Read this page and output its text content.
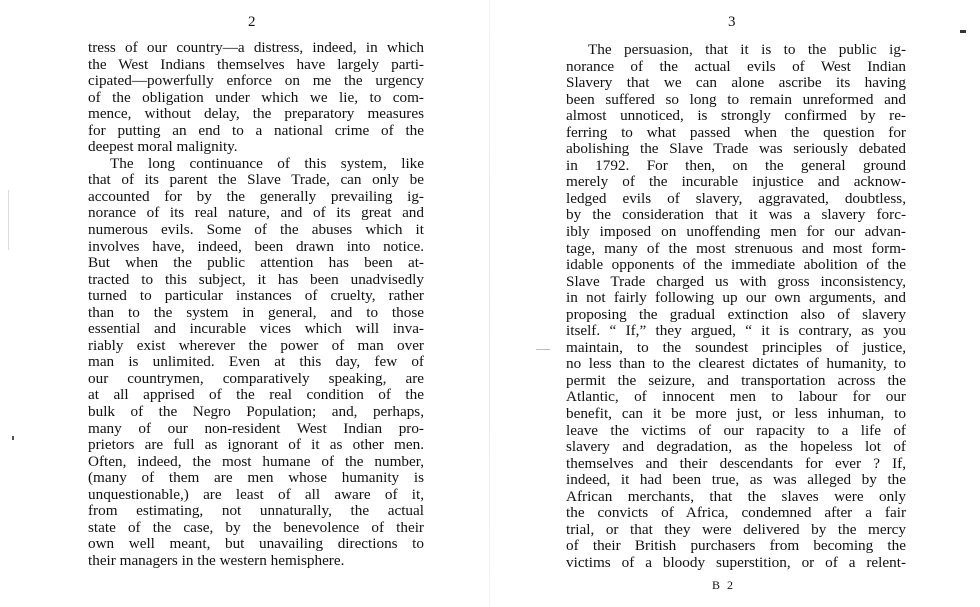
2
tress of our country—a distress, indeed, in which
the West Indians themselves have largely parti-
cipated—powerfully enforce on me the urgency
of the obligation under which we lie, to com-
mence, without delay, the preparatory measures
for putting an end to a national crime of the
deepest moral malignity.
The long continuance of this system, like
that of its parent the Slave Trade, can only be
accounted for by the generally prevailing ig-
norance of its real nature, and of its great and
numerous evils. Some of the abuses which it
involves have, indeed, been drawn into notice.
But when the public attention has been at-
tracted to this subject, it has been unadvisedly
turned to particular instances of cruelty, rather
than to the system in general, and to those
essential and incurable vices which will inva-
riably exist wherever the power of man over
man is unlimited. Even at this day, few of
our countrymen, comparatively speaking, are
at all apprised of the real condition of the
bulk of the Negro Population; and, perhaps,
many of our non-resident West Indian pro-
prietors are full as ignorant of it as other men.
Often, indeed, the most humane of the number,
(many of them are men whose humanity is
unquestionable,) are least of all aware of it,
from estimating, not unnaturally, the actual
state of the case, by the benevolence of their
own well meant, but unavailing directions to
their managers in the western hemisphere.
3
The persuasion, that it is to the public ig-
norance of the actual evils of West Indian
Slavery that we can alone ascribe its having
been suffered so long to remain unreformed and
almost unnoticed, is strongly confirmed by re-
ferring to what passed when the question for
abolishing the Slave Trade was seriously debated
in 1792. For then, on the general ground
merely of the incurable injustice and acknow-
ledged evils of slavery, aggravated, doubtless,
by the consideration that it was a slavery forc-
ibly imposed on unoffending men for our advan-
tage, many of the most strenuous and most form-
idable opponents of the immediate abolition of the
Slave Trade charged us with gross inconsistency,
in not fairly following up our own arguments, and
proposing the gradual extinction also of slavery
itself. “ If,” they argued, “ it is contrary, as you
maintain, to the soundest principles of justice,
no less than to the clearest dictates of humanity, to
permit the seizure, and transportation across the
Atlantic, of innocent men to labour for our
benefit, can it be more just, or less inhuman, to
leave the victims of our rapacity to a life of
slavery and degradation, as the hopeless lot of
themselves and their descendants for ever ? If,
indeed, it had been true, as was alleged by the
African merchants, that the slaves were only
the convicts of Africa, condemned after a fair
trial, or that they were delivered by the mercy
of their British purchasers from becoming the
victims of a bloody superstition, or of a relent-
B 2
